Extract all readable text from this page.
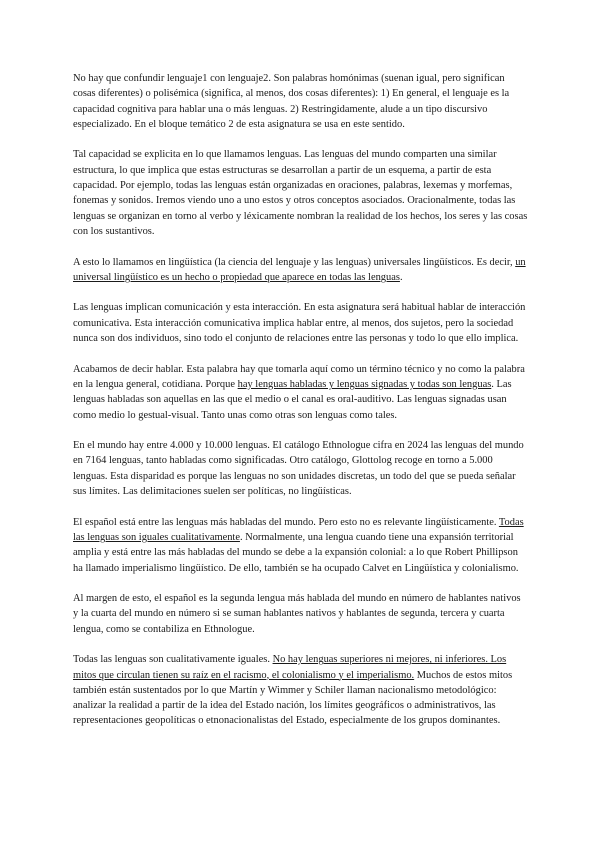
No hay que confundir lenguaje1 con lenguaje2. Son palabras homónimas (suenan igual, pero significan cosas diferentes) o polisémica (significa, al menos, dos cosas diferentes): 1) En general, el lenguaje es la capacidad cognitiva para hablar una o más lenguas. 2) Restringidamente, alude a un tipo discursivo especializado. En el bloque temático 2 de esta asignatura se usa en este sentido.

Tal capacidad se explicita en lo que llamamos lenguas. Las lenguas del mundo comparten una similar estructura, lo que implica que estas estructuras se desarrollan a partir de un esquema, a partir de esta capacidad. Por ejemplo, todas las lenguas están organizadas en oraciones, palabras, lexemas y morfemas, fonemas y sonidos. Iremos viendo uno a uno estos y otros conceptos asociados. Oracionalmente, todas las lenguas se organizan en torno al verbo y léxicamente nombran la realidad de los hechos, los seres y las cosas con los sustantivos.

A esto lo llamamos en lingüística (la ciencia del lenguaje y las lenguas) universales lingüísticos. Es decir, un universal lingüístico es un hecho o propiedad que aparece en todas las lenguas.

Las lenguas implican comunicación y esta interacción. En esta asignatura será habitual hablar de interacción comunicativa. Esta interacción comunicativa implica hablar entre, al menos, dos sujetos, pero la sociedad nunca son dos individuos, sino todo el conjunto de relaciones entre las personas y todo lo que ello implica.

Acabamos de decir hablar. Esta palabra hay que tomarla aquí como un término técnico y no como la palabra en la lengua general, cotidiana. Porque hay lenguas habladas y lenguas signadas y todas son lenguas. Las lenguas habladas son aquellas en las que el medio o el canal es oral-auditivo. Las lenguas signadas usan como medio lo gestual-visual. Tanto unas como otras son lenguas como tales.

En el mundo hay entre 4.000 y 10.000 lenguas. El catálogo Ethnologue cifra en 2024 las lenguas del mundo en 7164 lenguas, tanto habladas como significadas. Otro catálogo, Glottolog recoge en torno a 5.000 lenguas. Esta disparidad es porque las lenguas no son unidades discretas, un todo del que se pueda señalar sus límites. Las delimitaciones suelen ser políticas, no lingüísticas.

El español está entre las lenguas más habladas del mundo. Pero esto no es relevante lingüísticamente. Todas las lenguas son iguales cualitativamente. Normalmente, una lengua cuando tiene una expansión territorial amplia y está entre las más habladas del mundo se debe a la expansión colonial: a lo que Robert Phillipson ha llamado imperialismo lingüístico. De ello, también se ha ocupado Calvet en Lingüística y colonialismo.

Al margen de esto, el español es la segunda lengua más hablada del mundo en número de hablantes nativos y la cuarta del mundo en número si se suman hablantes nativos y hablantes de segunda, tercera y cuarta lengua, como se contabiliza en Ethnologue.

Todas las lenguas son cualitativamente iguales. No hay lenguas superiores ni mejores, ni inferiores. Los mitos que circulan tienen su raíz en el racismo, el colonialismo y el imperialismo. Muchos de estos mitos también están sustentados por lo que Martín y Wimmer y Schiler llaman nacionalismo metodológico: analizar la realidad a partir de la idea del Estado nación, los límites geográficos o administrativos, las representaciones geopolíticas o etnonacionalistas del Estado, especialmente de los grupos dominantes.
